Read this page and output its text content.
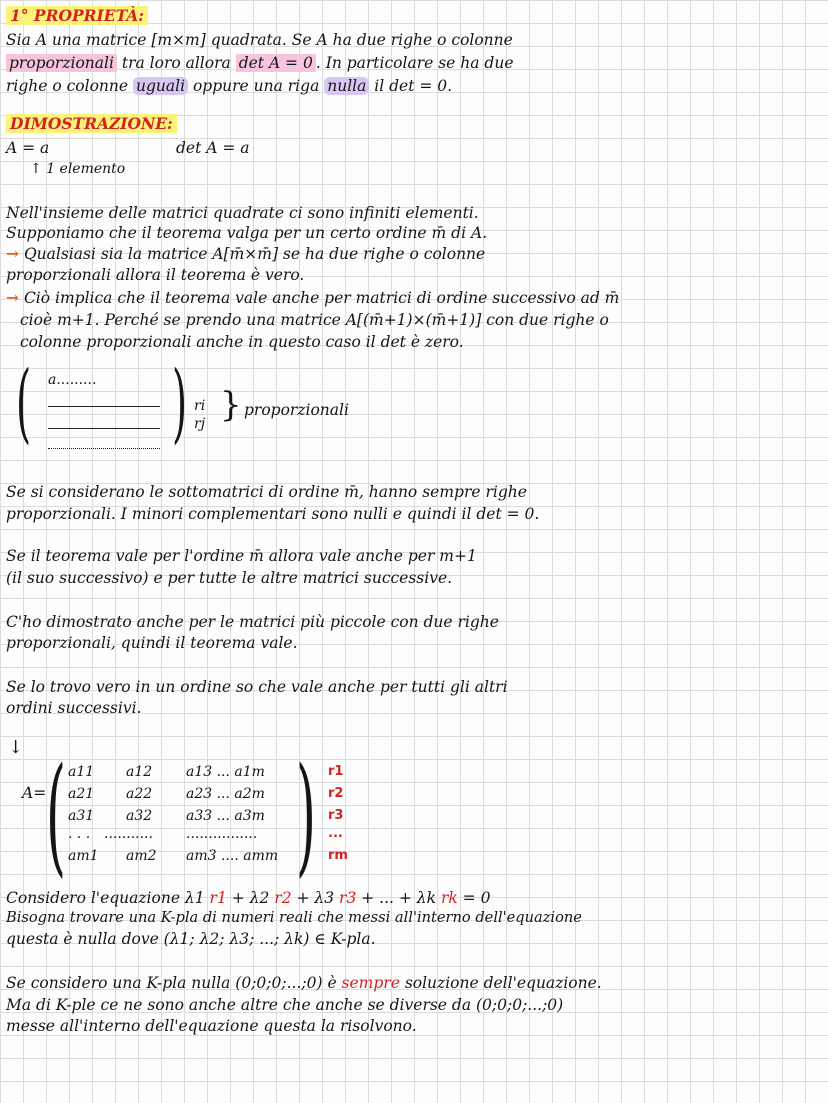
1° PROPRIETÀ:
Sia A una matrice [m×m] quadrata. Se A ha due righe o colonne
proporzionali tra loro allora det A = 0 . In particolare se ha due
righe o colonne uguali oppure una riga nulla il det = 0.
DIMOSTRAZIONE:
A = a	det A = a
↑ 1 elemento
Nell'insieme delle matrici quadrate ci sono infiniti elementi.
Supponiamo che il teorema valga per un certo ordine m̄ di A.
→ Qualsiasi sia la matrice A[m̄×m̄] se ha due righe o colonne
proporzionali allora il teorema è vero.
→ Ciò implica che il teorema vale anche per matrici di ordine successivo ad m̄
cioè m+1. Perché se prendo una matrice A[(m̄+1)×(m̄+1)] con due righe o
colonne proporzionali anche in questo caso il det è zero.
( )
a.........
ri
rj } proporzionali
Se si considerano le sottomatrici di ordine m̄, hanno sempre righe
proporzionali. I minori complementari sono nulli e quindi il det = 0.
Se il teorema vale per l'ordine m̄ allora vale anche per m+1
(il suo successivo) e per tutte le altre matrici successive.
C'ho dimostrato anche per le matrici più piccole con due righe
proporzionali, quindi il teorema vale.
Se lo trovo vero in un ordine so che vale anche per tutti gli altri
ordini successivi.
↓
A= ( )
a11 a12 a13 ... a1m
a21 a22 a23 ... a2m
a31 a32 a33 ... a3m
. . . ........... ................
am1 am2 am3 .... amm
r1
r2
r3
...
rm
Considero l'equazione λ1 r1 + λ2 r2 + λ3 r3 + ... + λk rk = 0
Bisogna trovare una K-pla di numeri reali che messi all'interno dell'equazione
questa è nulla dove (λ1; λ2; λ3; ...; λk) ∈ K-pla.
Se considero una K-pla nulla (0;0;0;...;0) è sempre soluzione dell'equazione.
Ma di K-ple ce ne sono anche altre che anche se diverse da (0;0;0;...;0)
messe all'interno dell'equazione questa la risolvono.
